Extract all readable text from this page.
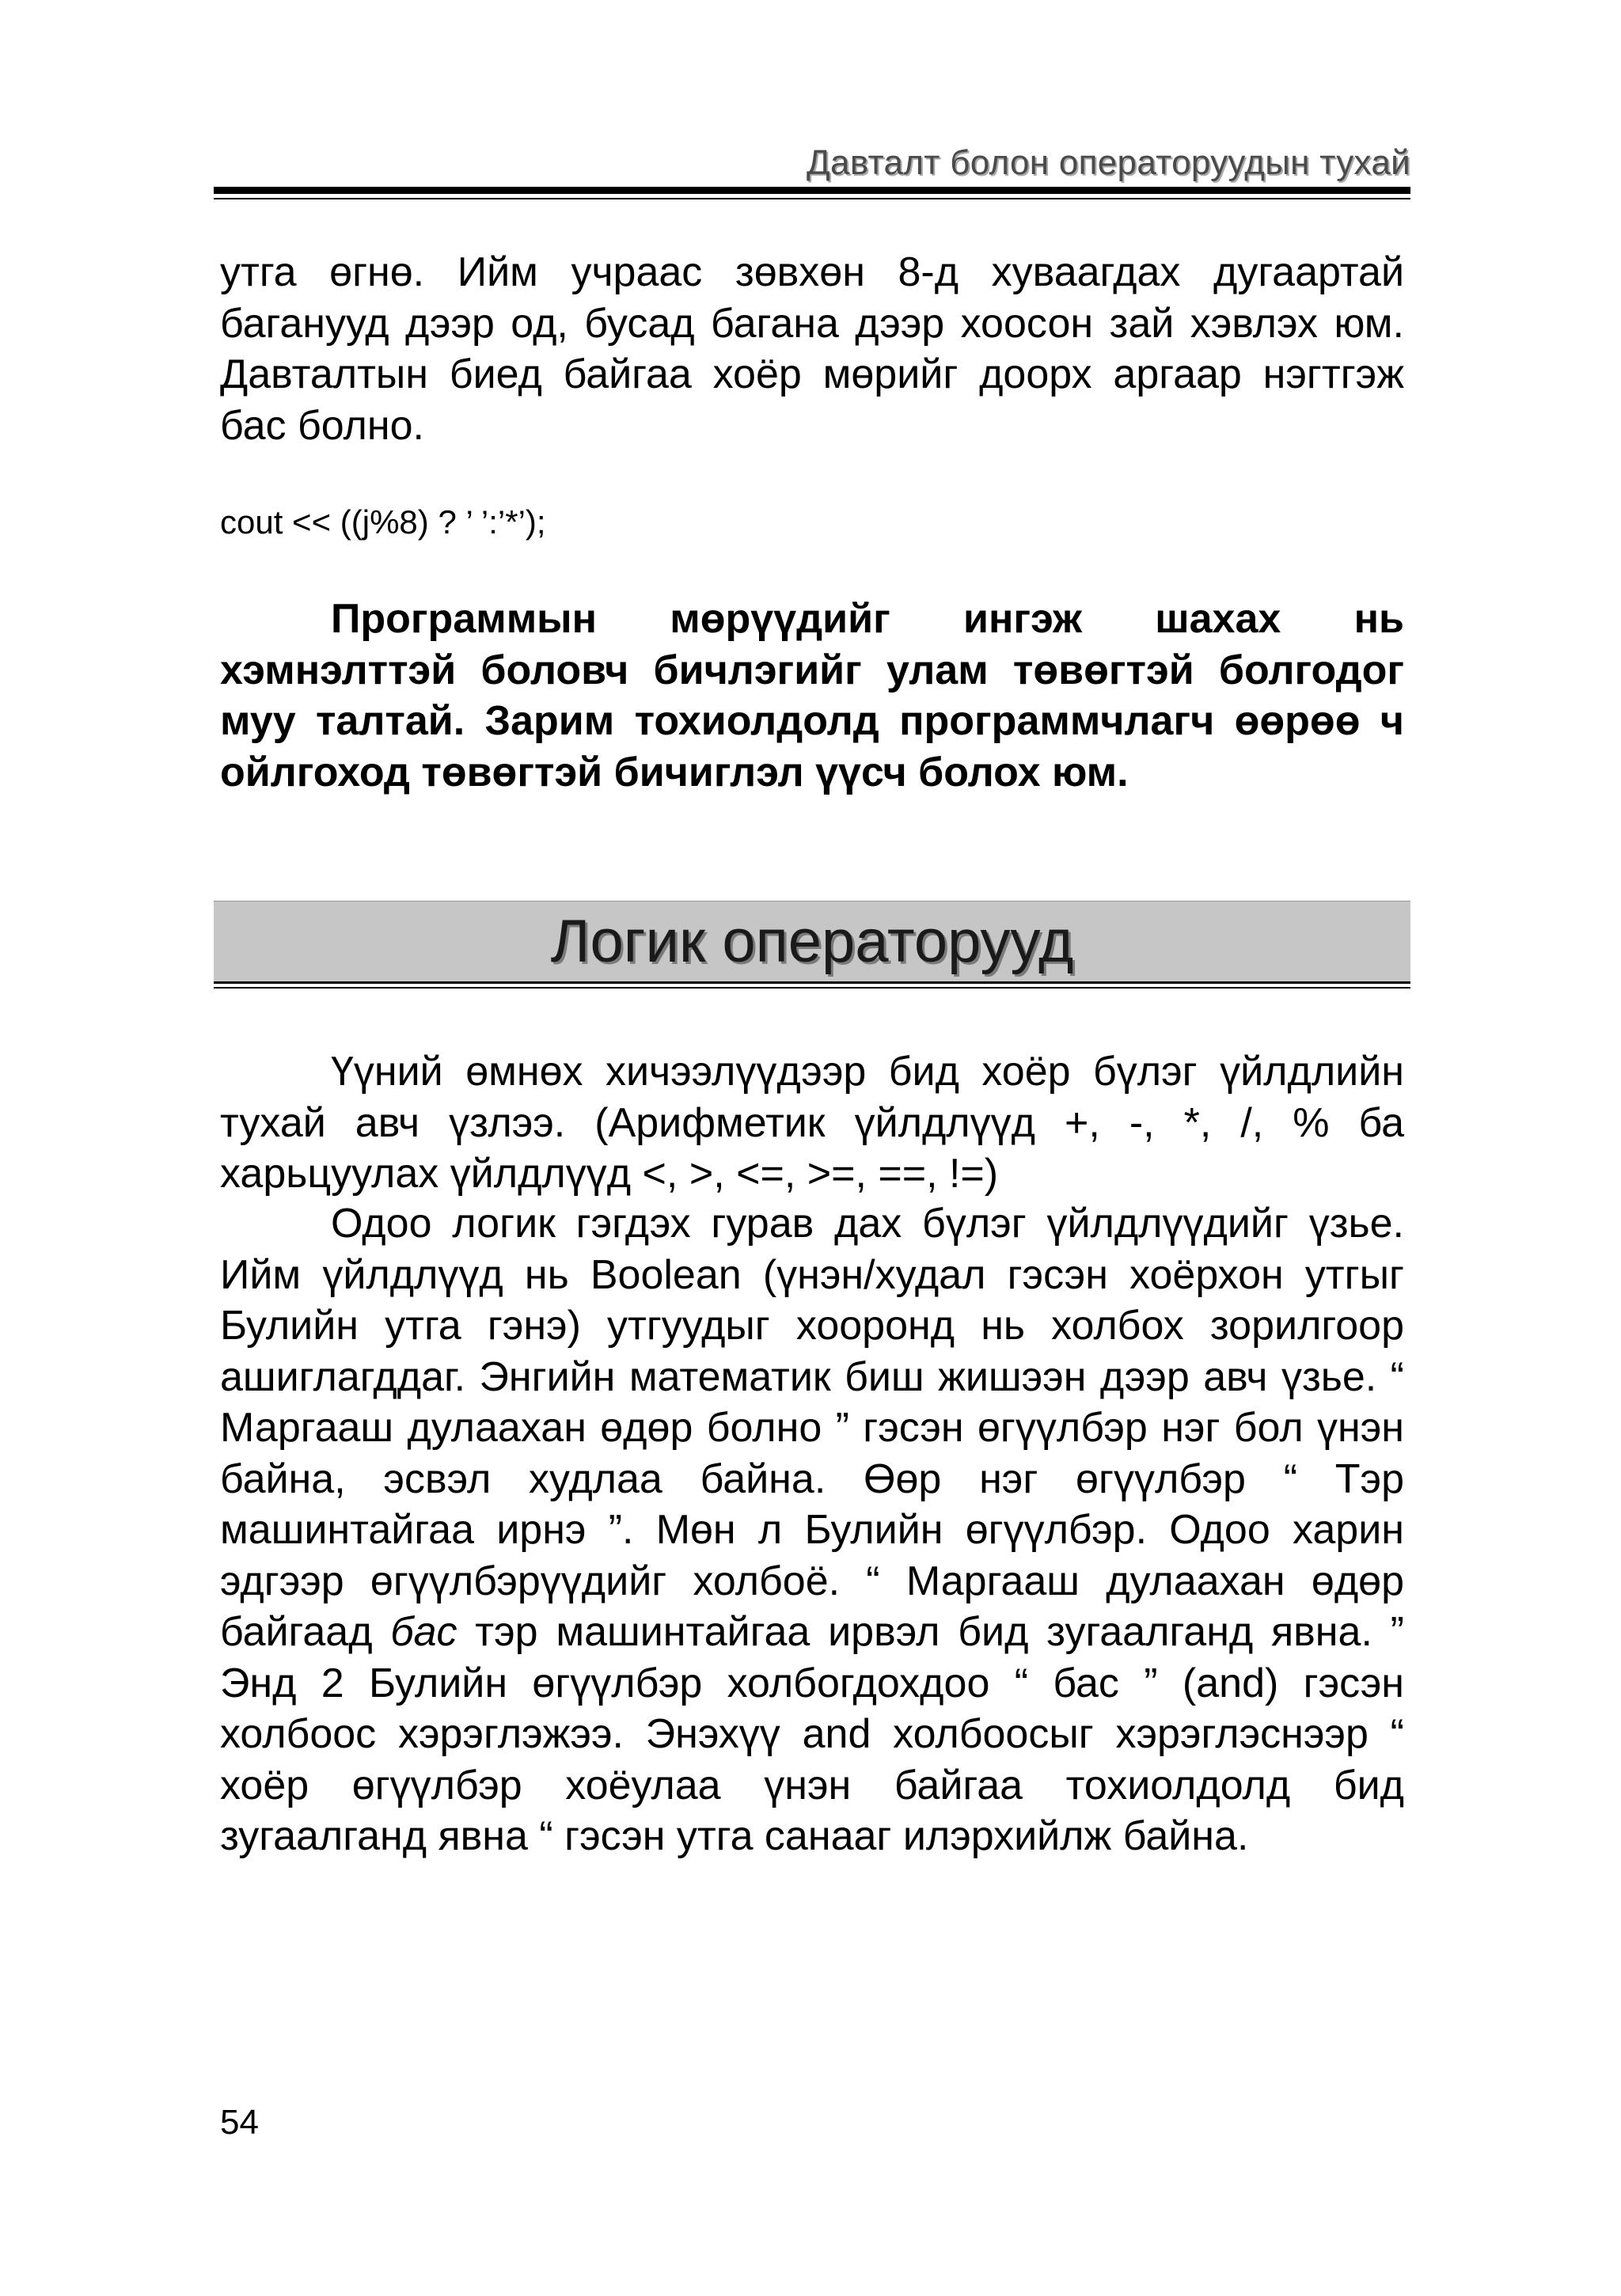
Давталт болон операторуудын тухай

утга өгнө. Ийм учраас зөвхөн 8-д хуваагдах дугаартай баганууд дээр од, бусад багана дээр хоосон зай хэвлэх юм. Давталтын биед байгаа хоёр мөрийг доорх аргаар нэгтгэж бас болно.

cout << ((j%8) ? ’ ’:’*’);

Программын мөрүүдийг ингэж шахах нь хэмнэлттэй боловч бичлэгийг улам төвөгтэй болгодог муу талтай. Зарим тохиолдолд программчлагч өөрөө ч ойлгоход төвөгтэй бичиглэл үүсч болох юм.

Логик операторууд

Үүний өмнөх хичээлүүдээр бид хоёр бүлэг үйлдлийн тухай авч үзлээ. (Арифметик үйлдлүүд +, -, *, /, % ба харьцуулах үйлдлүүд <, >, <=, >=, ==, !=)

Одоо логик гэгдэх гурав дах бүлэг үйлдлүүдийг үзье. Ийм үйлдлүүд нь Boolean (үнэн/худал гэсэн хоёрхон утгыг Булийн утга гэнэ) утгуудыг хооронд нь холбох зорилгоор ашиглагддаг. Энгийн математик биш жишээн дээр авч үзье. “ Маргааш дулаахан өдөр болно ” гэсэн өгүүлбэр нэг бол үнэн байна, эсвэл худлаа байна. Өөр нэг өгүүлбэр “ Тэр машинтайгаа ирнэ ”. Мөн л Булийн өгүүлбэр. Одоо харин эдгээр өгүүлбэрүүдийг холбоё. “ Маргааш дулаахан өдөр байгаад бас тэр машинтайгаа ирвэл бид зугаалганд явна. ” Энд 2 Булийн өгүүлбэр холбогдохдоо “ бас ” (and) гэсэн холбоос хэрэглэжээ. Энэхүү and холбоосыг хэрэглэснээр “ хоёр өгүүлбэр хоёулаа үнэн байгаа тохиолдолд бид зугаалганд явна “ гэсэн утга санааг илэрхийлж байна.

54
